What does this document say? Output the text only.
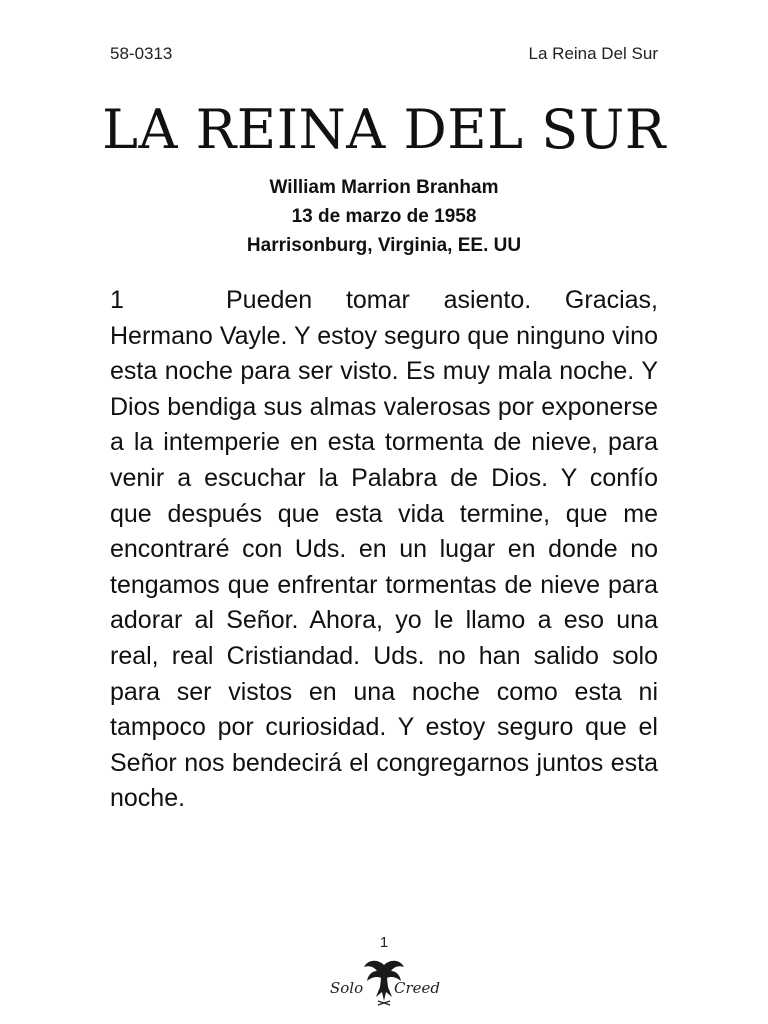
58-0313	La Reina Del Sur
LA REINA DEL SUR
William Marrion Branham
13 de marzo de 1958
Harrisonburg, Virginia, EE. UU
1	Pueden tomar asiento. Gracias, Hermano Vayle. Y estoy seguro que ninguno vino esta noche para ser visto. Es muy mala noche. Y Dios bendiga sus almas valerosas por exponerse a la intemperie en esta tormenta de nieve, para venir a escuchar la Palabra de Dios. Y confío que después que esta vida termine, que me encontraré con Uds. en un lugar en donde no tengamos que enfrentar tormentas de nieve para adorar al Señor. Ahora, yo le llamo a eso una real, real Cristiandad. Uds. no han salido solo para ser vistos en una noche como esta ni tampoco por curiosidad. Y estoy seguro que el Señor nos bendecirá el congregarnos juntos esta noche.
1
Solo Creed
